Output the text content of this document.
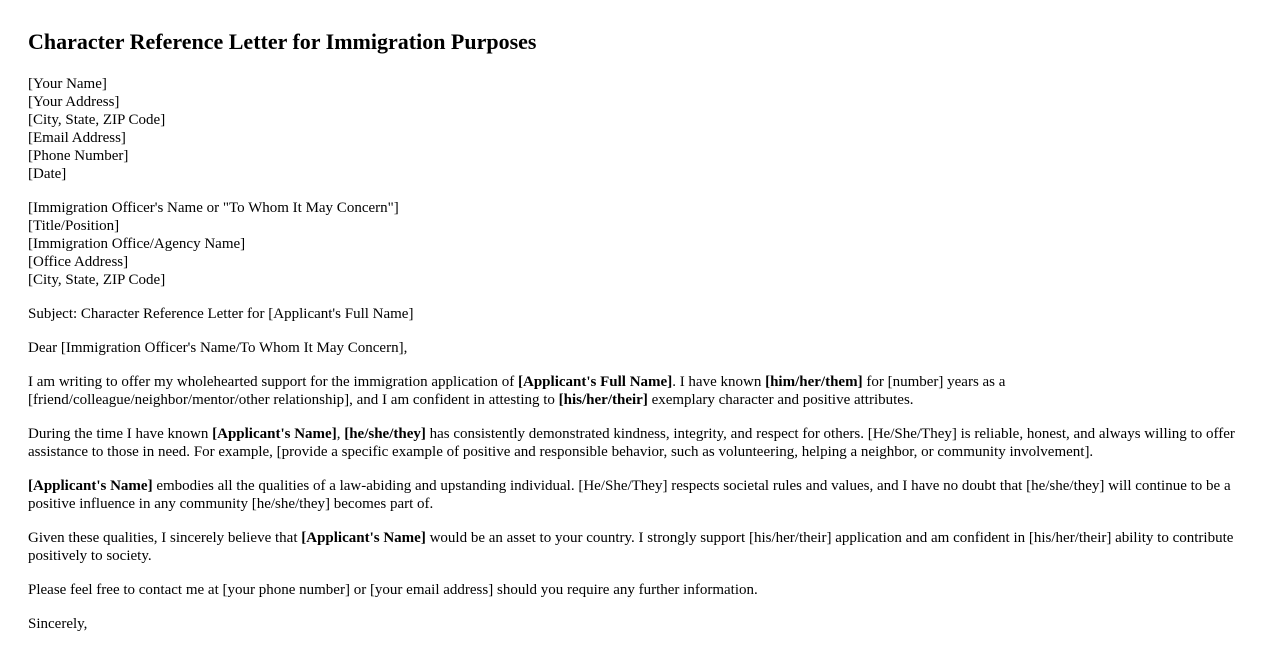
Character Reference Letter for Immigration Purposes
[Your Name]
[Your Address]
[City, State, ZIP Code]
[Email Address]
[Phone Number]
[Date]
[Immigration Officer's Name or "To Whom It May Concern"]
[Title/Position]
[Immigration Office/Agency Name]
[Office Address]
[City, State, ZIP Code]

Subject: Character Reference Letter for [Applicant's Full Name]

Dear [Immigration Officer's Name/To Whom It May Concern],

I am writing to offer my wholehearted support for the immigration application of [Applicant's Full Name]. I have known [him/her/them] for [number] years as a [friend/colleague/neighbor/mentor/other relationship], and I am confident in attesting to [his/her/their] exemplary character and positive attributes.

During the time I have known [Applicant's Name], [he/she/they] has consistently demonstrated kindness, integrity, and respect for others. [He/She/They] is reliable, honest, and always willing to offer assistance to those in need. For example, [provide a specific example of positive and responsible behavior, such as volunteering, helping a neighbor, or community involvement].

[Applicant's Name] embodies all the qualities of a law-abiding and upstanding individual. [He/She/They] respects societal rules and values, and I have no doubt that [he/she/they] will continue to be a positive influence in any community [he/she/they] becomes part of.

Given these qualities, I sincerely believe that [Applicant's Name] would be an asset to your country. I strongly support [his/her/their] application and am confident in [his/her/their] ability to contribute positively to society.

Please feel free to contact me at [your phone number] or [your email address] should you require any further information.

Sincerely,
